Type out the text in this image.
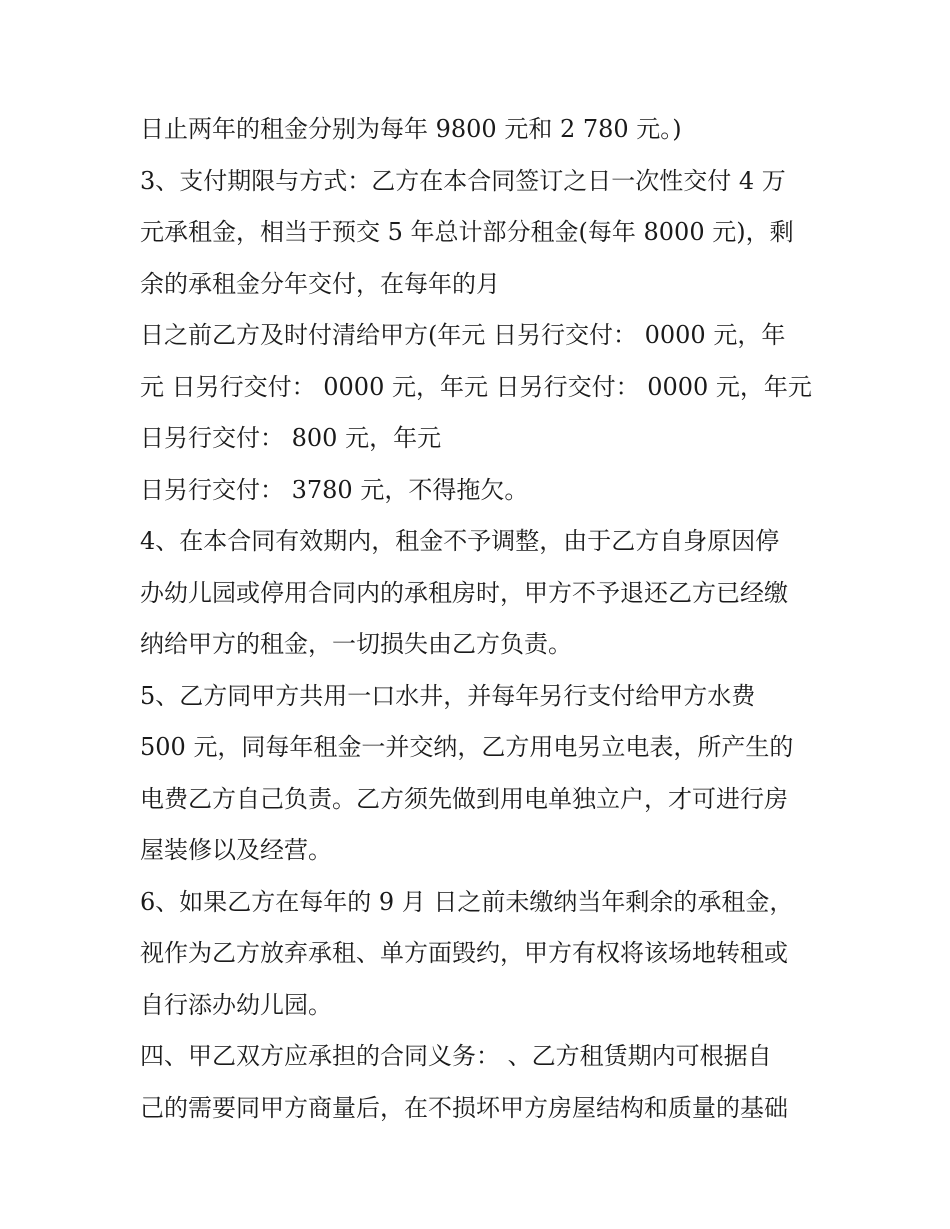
日止两年的租金分别为每年 9800 元和 2 780 元。)
3、支付期限与方式：乙方在本合同签订之日一次性交付 4 万
元承租金，相当于预交 5 年总计部分租金(每年 8000 元)，剩
余的承租金分年交付，在每年的月
日之前乙方及时付清给甲方(年元 日另行交付： 0000 元，年
元 日另行交付： 0000 元，年元 日另行交付： 0000 元，年元
日另行交付： 800 元，年元
日另行交付： 3780 元，不得拖欠。
4、在本合同有效期内，租金不予调整，由于乙方自身原因停
办幼儿园或停用合同内的承租房时，甲方不予退还乙方已经缴
纳给甲方的租金，一切损失由乙方负责。
5、乙方同甲方共用一口水井，并每年另行支付给甲方水费
500 元，同每年租金一并交纳，乙方用电另立电表，所产生的
电费乙方自己负责。乙方须先做到用电单独立户，才可进行房
屋装修以及经营。
6、如果乙方在每年的 9 月 日之前未缴纳当年剩余的承租金，
视作为乙方放弃承租、单方面毁约，甲方有权将该场地转租或
自行添办幼儿园。
四、甲乙双方应承担的合同义务： 、乙方租赁期内可根据自
己的需要同甲方商量后，在不损坏甲方房屋结构和质量的基础
